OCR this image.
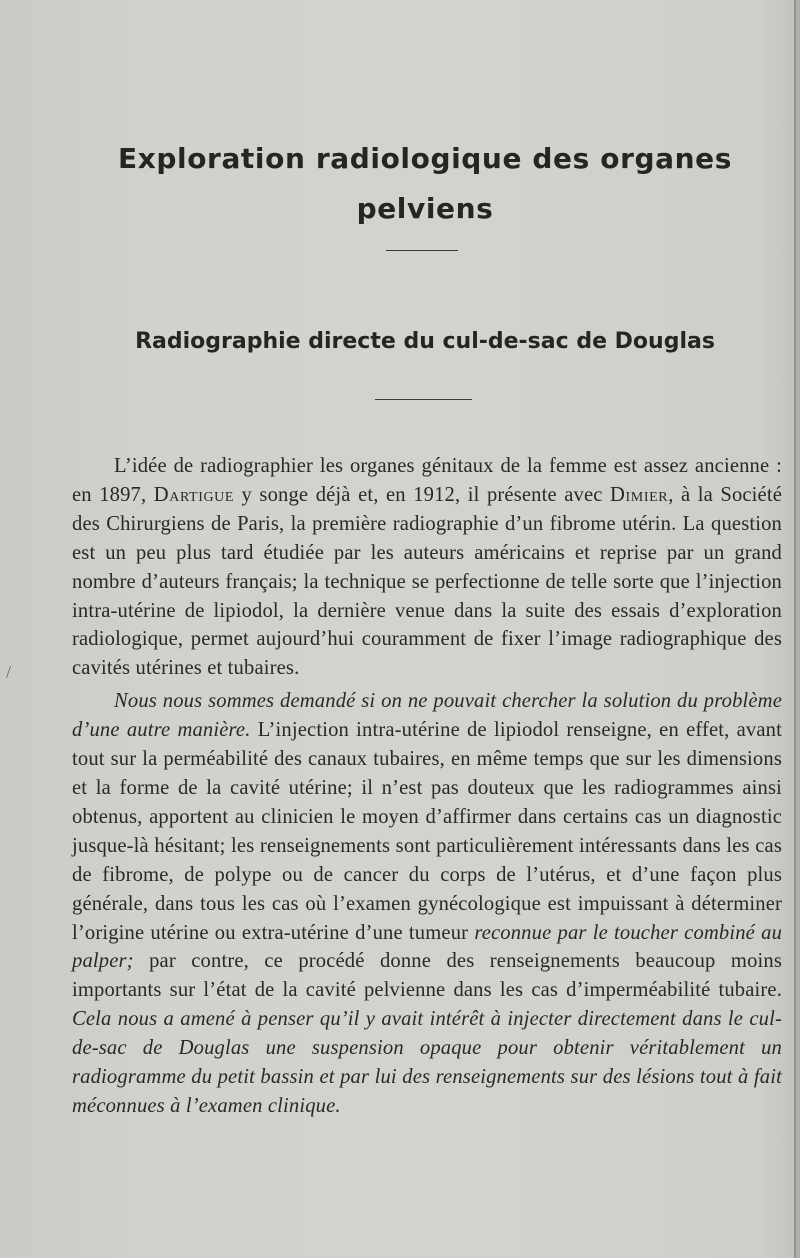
Exploration radiologique des organes
pelviens
Radiographie directe du cul-de-sac de Douglas
/

L’idée de radiographier les organes génitaux de la femme est assez ancienne : en 1897, Dartigue y songe déjà et, en 1912, il présente avec Dimier, à la Société des Chirurgiens de Paris, la première radiographie d’un fibrome utérin. La question est un peu plus tard étudiée par les auteurs américains et reprise par un grand nombre d’auteurs français; la technique se perfectionne de telle sorte que l’injection intra-utérine de lipiodol, la dernière venue dans la suite des essais d’exploration radiologique, permet aujourd’hui couramment de fixer l’image radiographique des cavités utérines et tubaires.

Nous nous sommes demandé si on ne pouvait chercher la solution du problème d’une autre manière. L’injection intra-utérine de lipiodol renseigne, en effet, avant tout sur la perméabilité des canaux tubaires, en même temps que sur les dimensions et la forme de la cavité utérine; il n’est pas douteux que les radiogrammes ainsi obtenus, apportent au clinicien le moyen d’affirmer dans certains cas un diagnostic jusque-là hésitant; les renseignements sont particulièrement intéressants dans les cas de fibrome, de polype ou de cancer du corps de l’utérus, et d’une façon plus générale, dans tous les cas où l’examen gynécologique est impuissant à déterminer l’origine utérine ou extra-utérine d’une tumeur reconnue par le toucher combiné au palper; par contre, ce procédé donne des renseignements beaucoup moins importants sur l’état de la cavité pelvienne dans les cas d’imperméabilité tubaire. Cela nous a amené à penser qu’il y avait intérêt à injecter directement dans le cul-de-sac de Douglas une suspension opaque pour obtenir véritablement un radiogramme du petit bassin et par lui des renseignements sur des lésions tout à fait méconnues à l’examen clinique.
